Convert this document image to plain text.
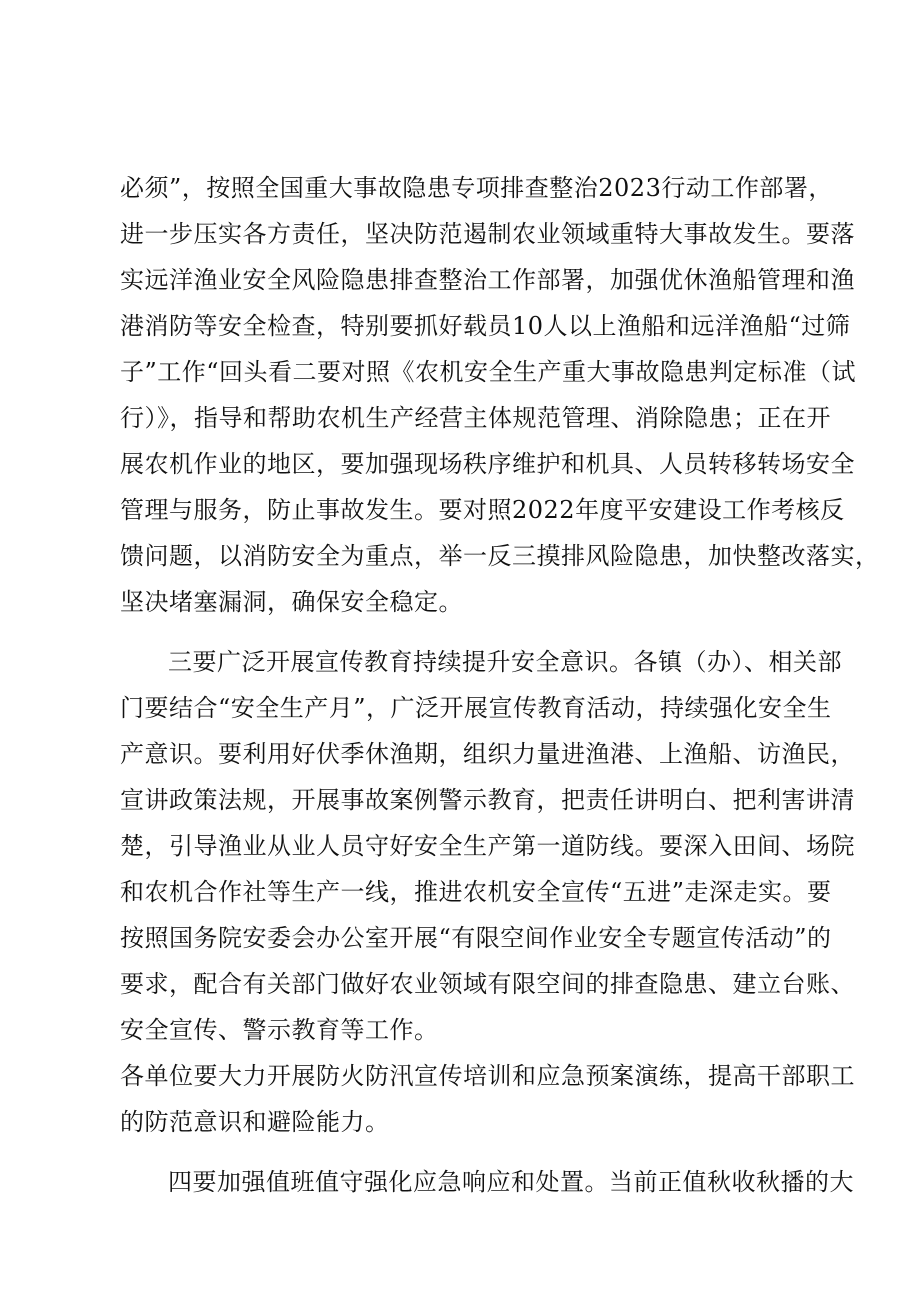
必须”，按照全国重大事故隐患专项排查整治2023行动工作部署，
进一步压实各方责任，坚决防范遏制农业领域重特大事故发生。要落
实远洋渔业安全风险隐患排查整治工作部署，加强优休渔船管理和渔
港消防等安全检查，特别要抓好载员10人以上渔船和远洋渔船“过筛
子”工作“回头看二要对照《农机安全生产重大事故隐患判定标准（试
行）》，指导和帮助农机生产经营主体规范管理、消除隐患；正在开
展农机作业的地区，要加强现场秩序维护和机具、人员转移转场安全
管理与服务，防止事故发生。要对照2022年度平安建设工作考核反
馈问题，以消防安全为重点，举一反三摸排风险隐患，加快整改落实，
坚决堵塞漏洞，确保安全稳定。
三要广泛开展宣传教育持续提升安全意识。各镇（办）、相关部
门要结合“安全生产月”，广泛开展宣传教育活动，持续强化安全生
产意识。要利用好伏季休渔期，组织力量进渔港、上渔船、访渔民，
宣讲政策法规，开展事故案例警示教育，把责任讲明白、把利害讲清
楚，引导渔业从业人员守好安全生产第一道防线。要深入田间、场院
和农机合作社等生产一线，推进农机安全宣传“五进”走深走实。要
按照国务院安委会办公室开展“有限空间作业安全专题宣传活动”的
要求，配合有关部门做好农业领域有限空间的排查隐患、建立台账、
安全宣传、警示教育等工作。
各单位要大力开展防火防汛宣传培训和应急预案演练，提高干部职工
的防范意识和避险能力。
四要加强值班值守强化应急响应和处置。当前正值秋收秋播的大
